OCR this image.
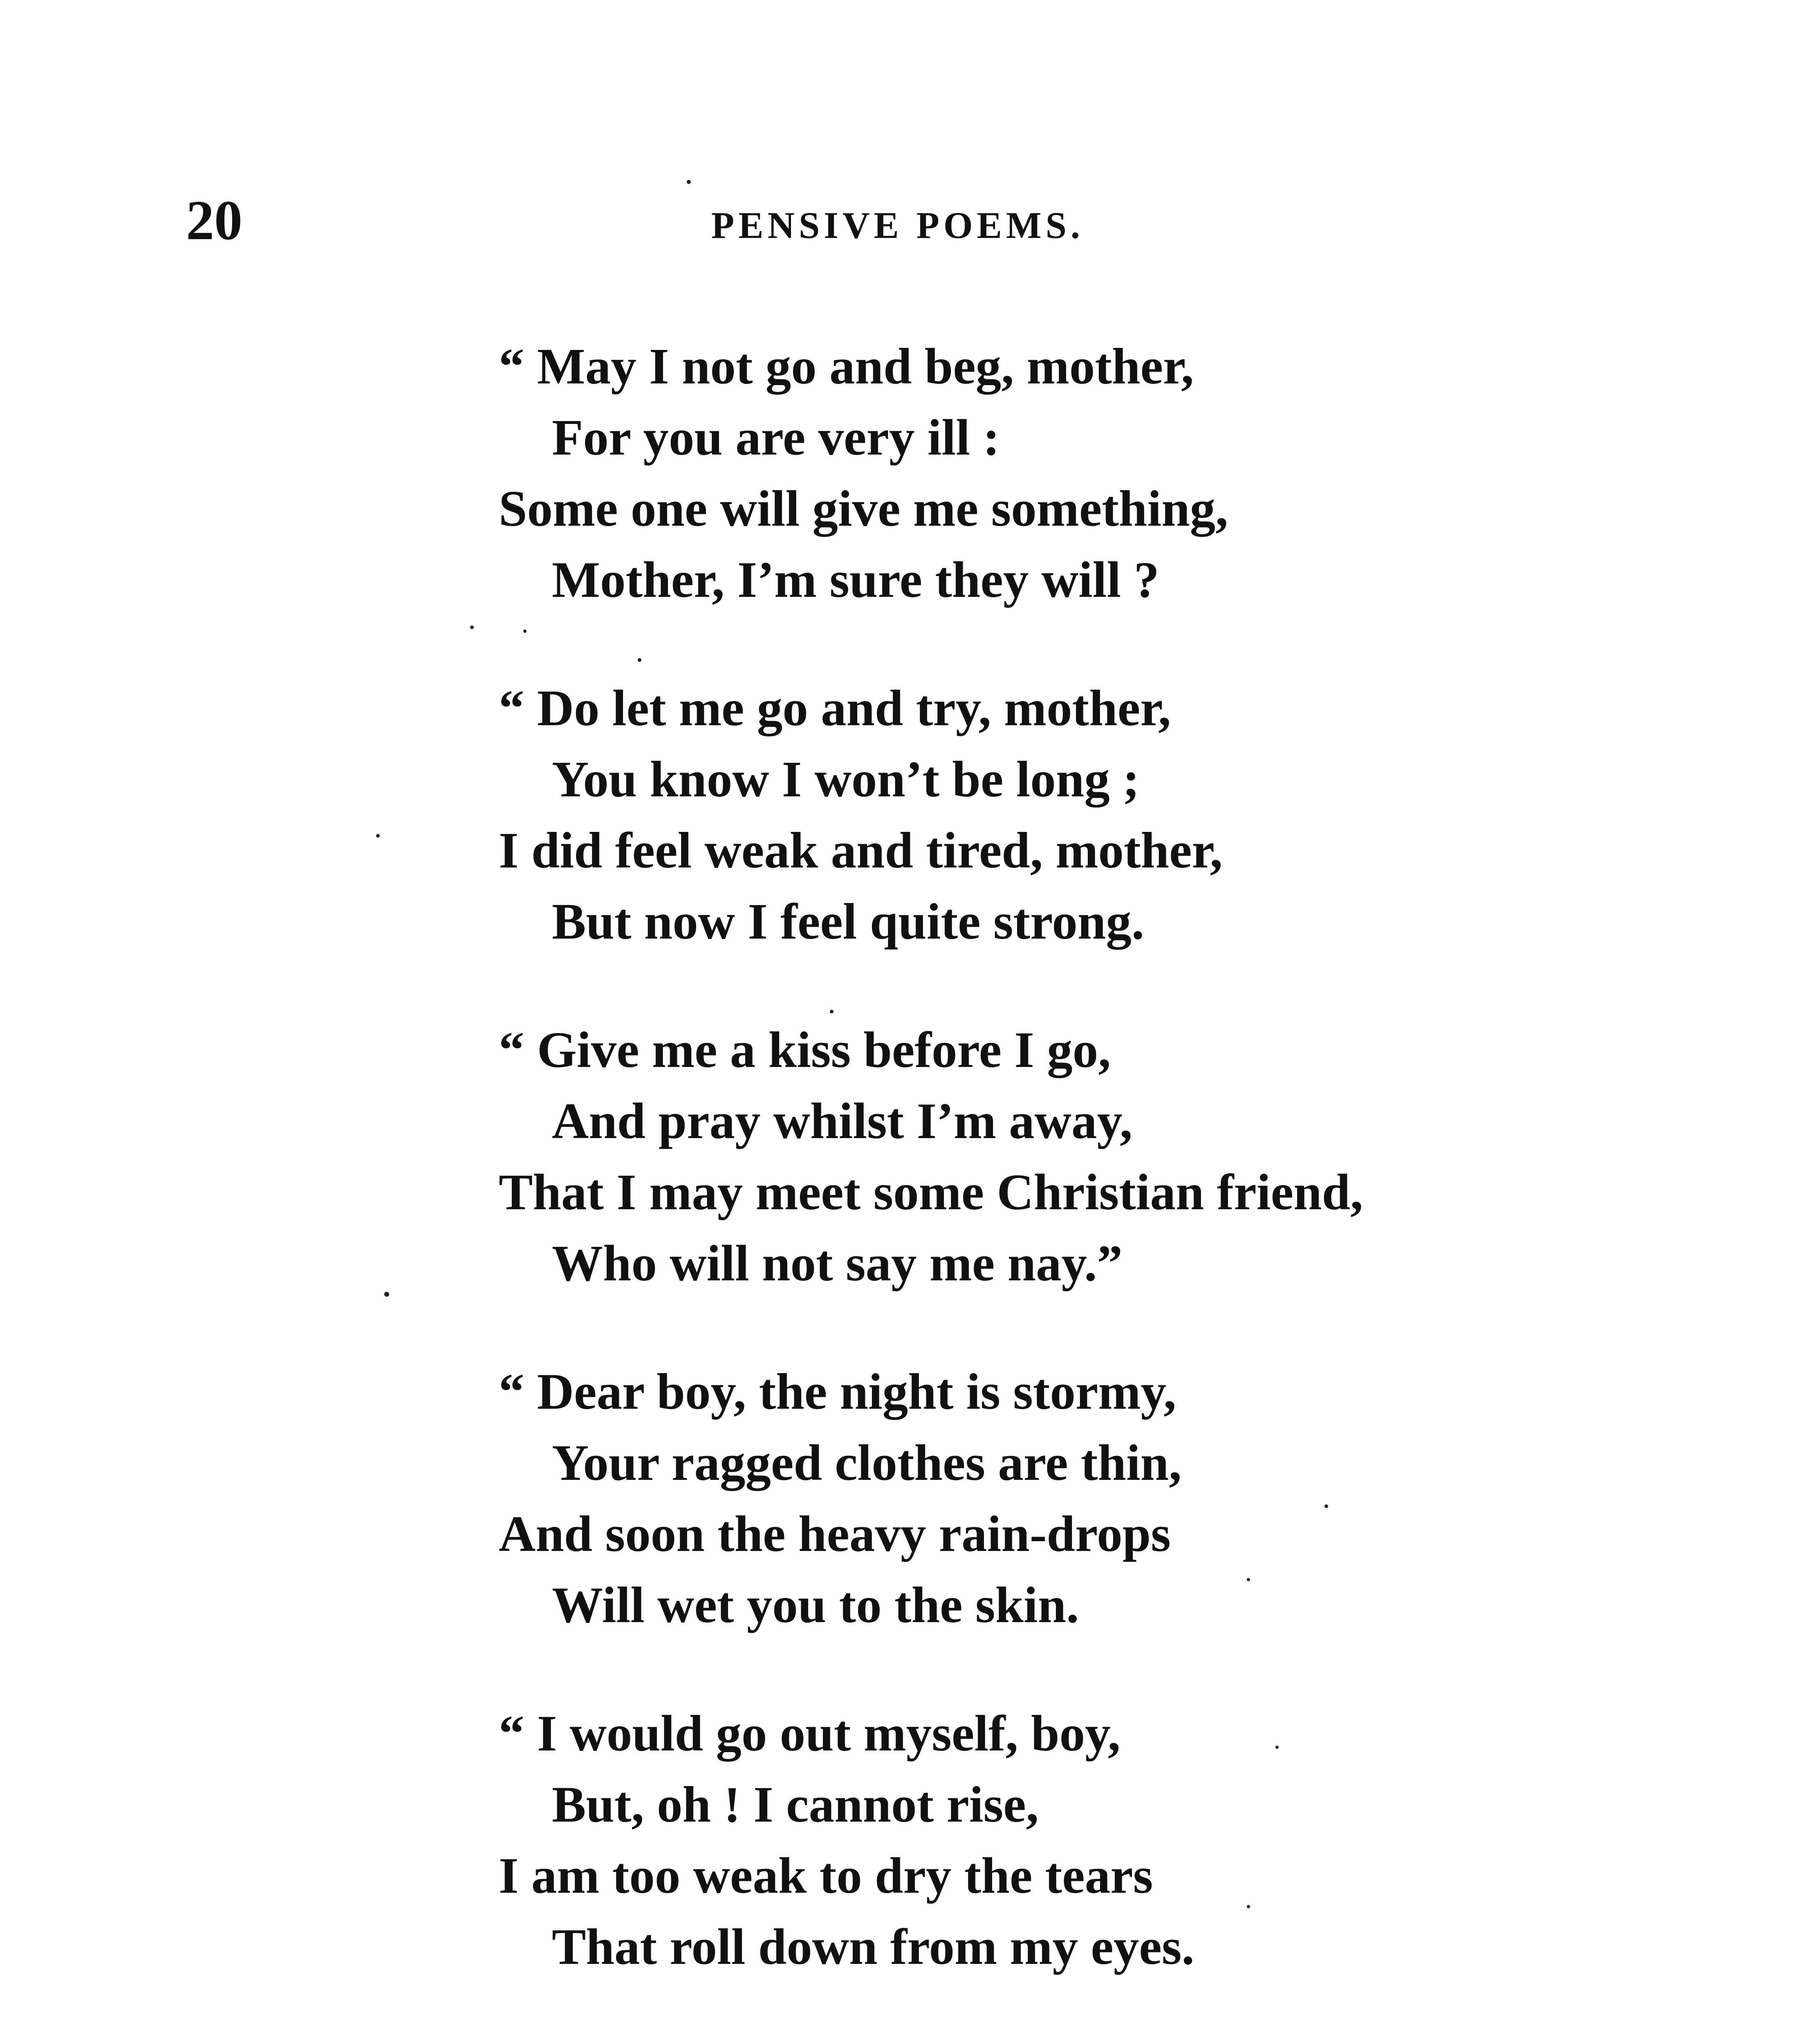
20	PENSIVE POEMS.
“ May I not go and beg, mother,
For you are very ill :
Some one will give me something,
Mother, I’m sure they will ?
“ Do let me go and try, mother,
You know I won’t be long ;
I did feel weak and tired, mother,
But now I feel quite strong.
“ Give me a kiss before I go,
And pray whilst I’m away,
That I may meet some Christian friend,
Who will not say me nay.”
“ Dear boy, the night is stormy,
Your ragged clothes are thin,
And soon the heavy rain-drops
Will wet you to the skin.
“ I would go out myself, boy,
But, oh ! I cannot rise,
I am too weak to dry the tears
That roll down from my eyes.
